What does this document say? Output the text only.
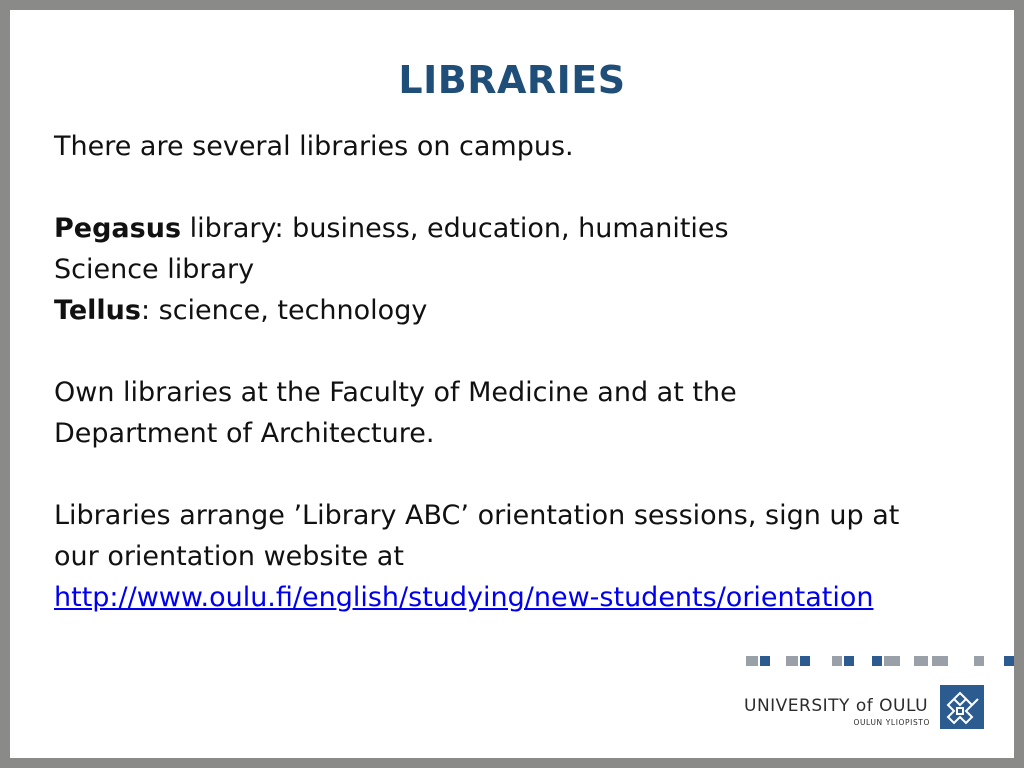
LIBRARIES

There are several libraries on campus.

Pegasus library: business, education, humanities

Science library

Tellus: science, technology

Own libraries at the Faculty of Medicine and at the

Department of Architecture.

Libraries arrange ’Library ABC’ orientation sessions, sign up at

our orientation website at

http://www.oulu.fi/english/studying/new-students/orientation

UNIVERSITY of OULU
OULUN YLIOPISTO
